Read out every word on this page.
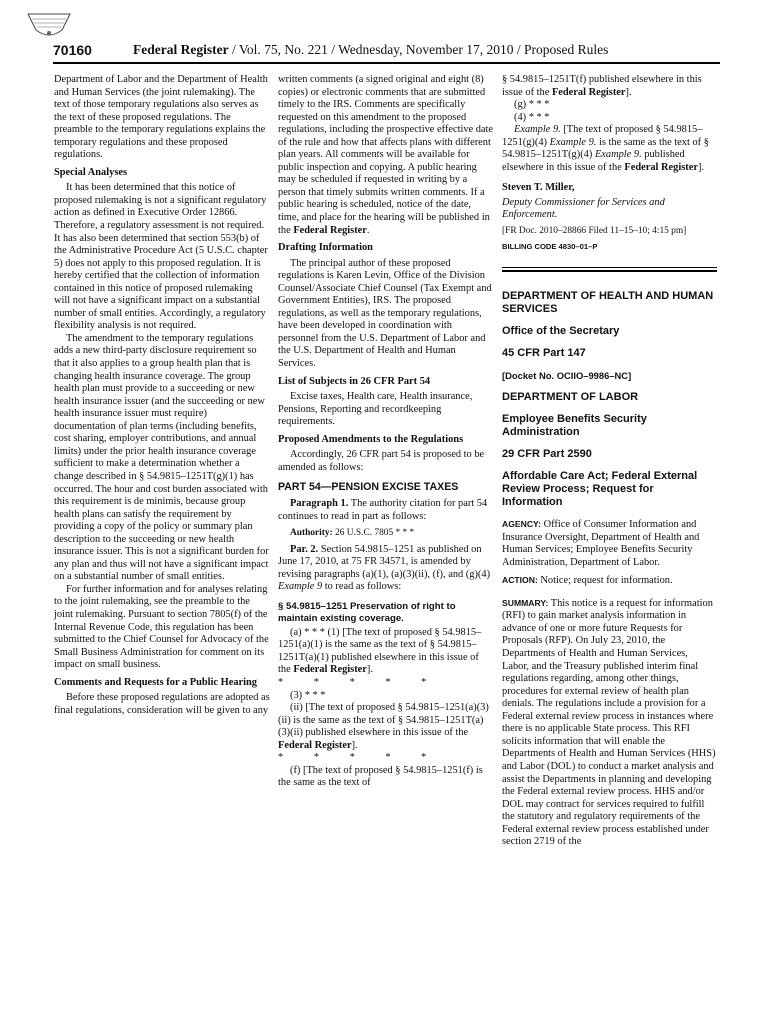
70160	Federal Register / Vol. 75, No. 221 / Wednesday, November 17, 2010 / Proposed Rules

Department of Labor and the Department of Health and Human Services (the joint rulemaking). The text of those temporary regulations also serves as the text of these proposed regulations. The preamble to the temporary regulations explains the temporary regulations and these proposed regulations.

Special Analyses

It has been determined that this notice of proposed rulemaking is not a significant regulatory action as defined in Executive Order 12866. Therefore, a regulatory assessment is not required. It has also been determined that section 553(b) of the Administrative Procedure Act (5 U.S.C. chapter 5) does not apply to this proposed regulation. It is hereby certified that the collection of information contained in this notice of proposed rulemaking will not have a significant impact on a substantial number of small entities. Accordingly, a regulatory flexibility analysis is not required.

The amendment to the temporary regulations adds a new third-party disclosure requirement so that it also applies to a group health plan that is changing health insurance coverage. The group health plan must provide to a succeeding or new health insurance issuer (and the succeeding or new health insurance issuer must require) documentation of plan terms (including benefits, cost sharing, employer contributions, and annual limits) under the prior health insurance coverage sufficient to make a determination whether a change described in § 54.9815–1251T(g)(1) has occurred. The hour and cost burden associated with this requirement is de minimis, because group health plans can satisfy the requirement by providing a copy of the policy or summary plan description to the succeeding or new health insurance issuer. This is not a significant burden for any plan and thus will not have a significant impact on a substantial number of small entities.

For further information and for analyses relating to the joint rulemaking, see the preamble to the joint rulemaking. Pursuant to section 7805(f) of the Internal Revenue Code, this regulation has been submitted to the Chief Counsel for Advocacy of the Small Business Administration for comment on its impact on small business.

Comments and Requests for a Public Hearing

Before these proposed regulations are adopted as final regulations, consideration will be given to any

written comments (a signed original and eight (8) copies) or electronic comments that are submitted timely to the IRS. Comments are specifically requested on this amendment to the proposed regulations, including the prospective effective date of the rule and how that affects plans with different plan years. All comments will be available for public inspection and copying. A public hearing may be scheduled if requested in writing by a person that timely submits written comments. If a public hearing is scheduled, notice of the date, time, and place for the hearing will be published in the Federal Register.

Drafting Information

The principal author of these proposed regulations is Karen Levin, Office of the Division Counsel/Associate Chief Counsel (Tax Exempt and Government Entities), IRS. The proposed regulations, as well as the temporary regulations, have been developed in coordination with personnel from the U.S. Department of Labor and the U.S. Department of Health and Human Services.

List of Subjects in 26 CFR Part 54

Excise taxes, Health care, Health insurance, Pensions, Reporting and recordkeeping requirements.

Proposed Amendments to the Regulations

Accordingly, 26 CFR part 54 is proposed to be amended as follows:

PART 54—PENSION EXCISE TAXES

Paragraph 1. The authority citation for part 54 continues to read in part as follows:

Authority: 26 U.S.C. 7805 * * *

Par. 2. Section 54.9815–1251 as published on June 17, 2010, at 75 FR 34571, is amended by revising paragraphs (a)(1), (a)(3)(ii), (f), and (g)(4) Example 9 to read as follows:

§ 54.9815–1251 Preservation of right to maintain existing coverage.

(a) * * * (1) [The text of proposed § 54.9815–1251(a)(1) is the same as the text of § 54.9815–1251T(a)(1) published elsewhere in this issue of the Federal Register].

* * * * *

(3) * * *

(ii) [The text of proposed § 54.9815–1251(a)(3)(ii) is the same as the text of § 54.9815–1251T(a)(3)(ii) published elsewhere in this issue of the Federal Register].

* * * * *

(f) [The text of proposed § 54.9815–1251(f) is the same as the text of

§ 54.9815–1251T(f) published elsewhere in this issue of the Federal Register].

(g) * * *

(4) * * *

Example 9. [The text of proposed § 54.9815–1251(g)(4) Example 9. is the same as the text of § 54.9815–1251T(g)(4) Example 9. published elsewhere in this issue of the Federal Register].

Steven T. Miller,

Deputy Commissioner for Services and Enforcement.

[FR Doc. 2010–28866 Filed 11–15–10; 4:15 pm]

BILLING CODE 4830–01–P

DEPARTMENT OF HEALTH AND HUMAN SERVICES

Office of the Secretary

45 CFR Part 147

[Docket No. OCIIO–9986–NC]

DEPARTMENT OF LABOR

Employee Benefits Security Administration

29 CFR Part 2590

Affordable Care Act; Federal External Review Process; Request for Information

AGENCY: Office of Consumer Information and Insurance Oversight, Department of Health and Human Services; Employee Benefits Security Administration, Department of Labor.

ACTION: Notice; request for information.

SUMMARY: This notice is a request for information (RFI) to gain market analysis information in advance of one or more future Requests for Proposals (RFP). On July 23, 2010, the Departments of Health and Human Services, Labor, and the Treasury published interim final regulations regarding, among other things, procedures for external review of health plan denials. The regulations include a provision for a Federal external review process in instances where there is no applicable State process. This RFI solicits information that will enable the Departments of Health and Human Services (HHS) and Labor (DOL) to conduct a market analysis and assist the Departments in planning and developing the Federal external review process. HHS and/or DOL may contract for services required to fulfill the statutory and regulatory requirements of the Federal external review process established under section 2719 of the
